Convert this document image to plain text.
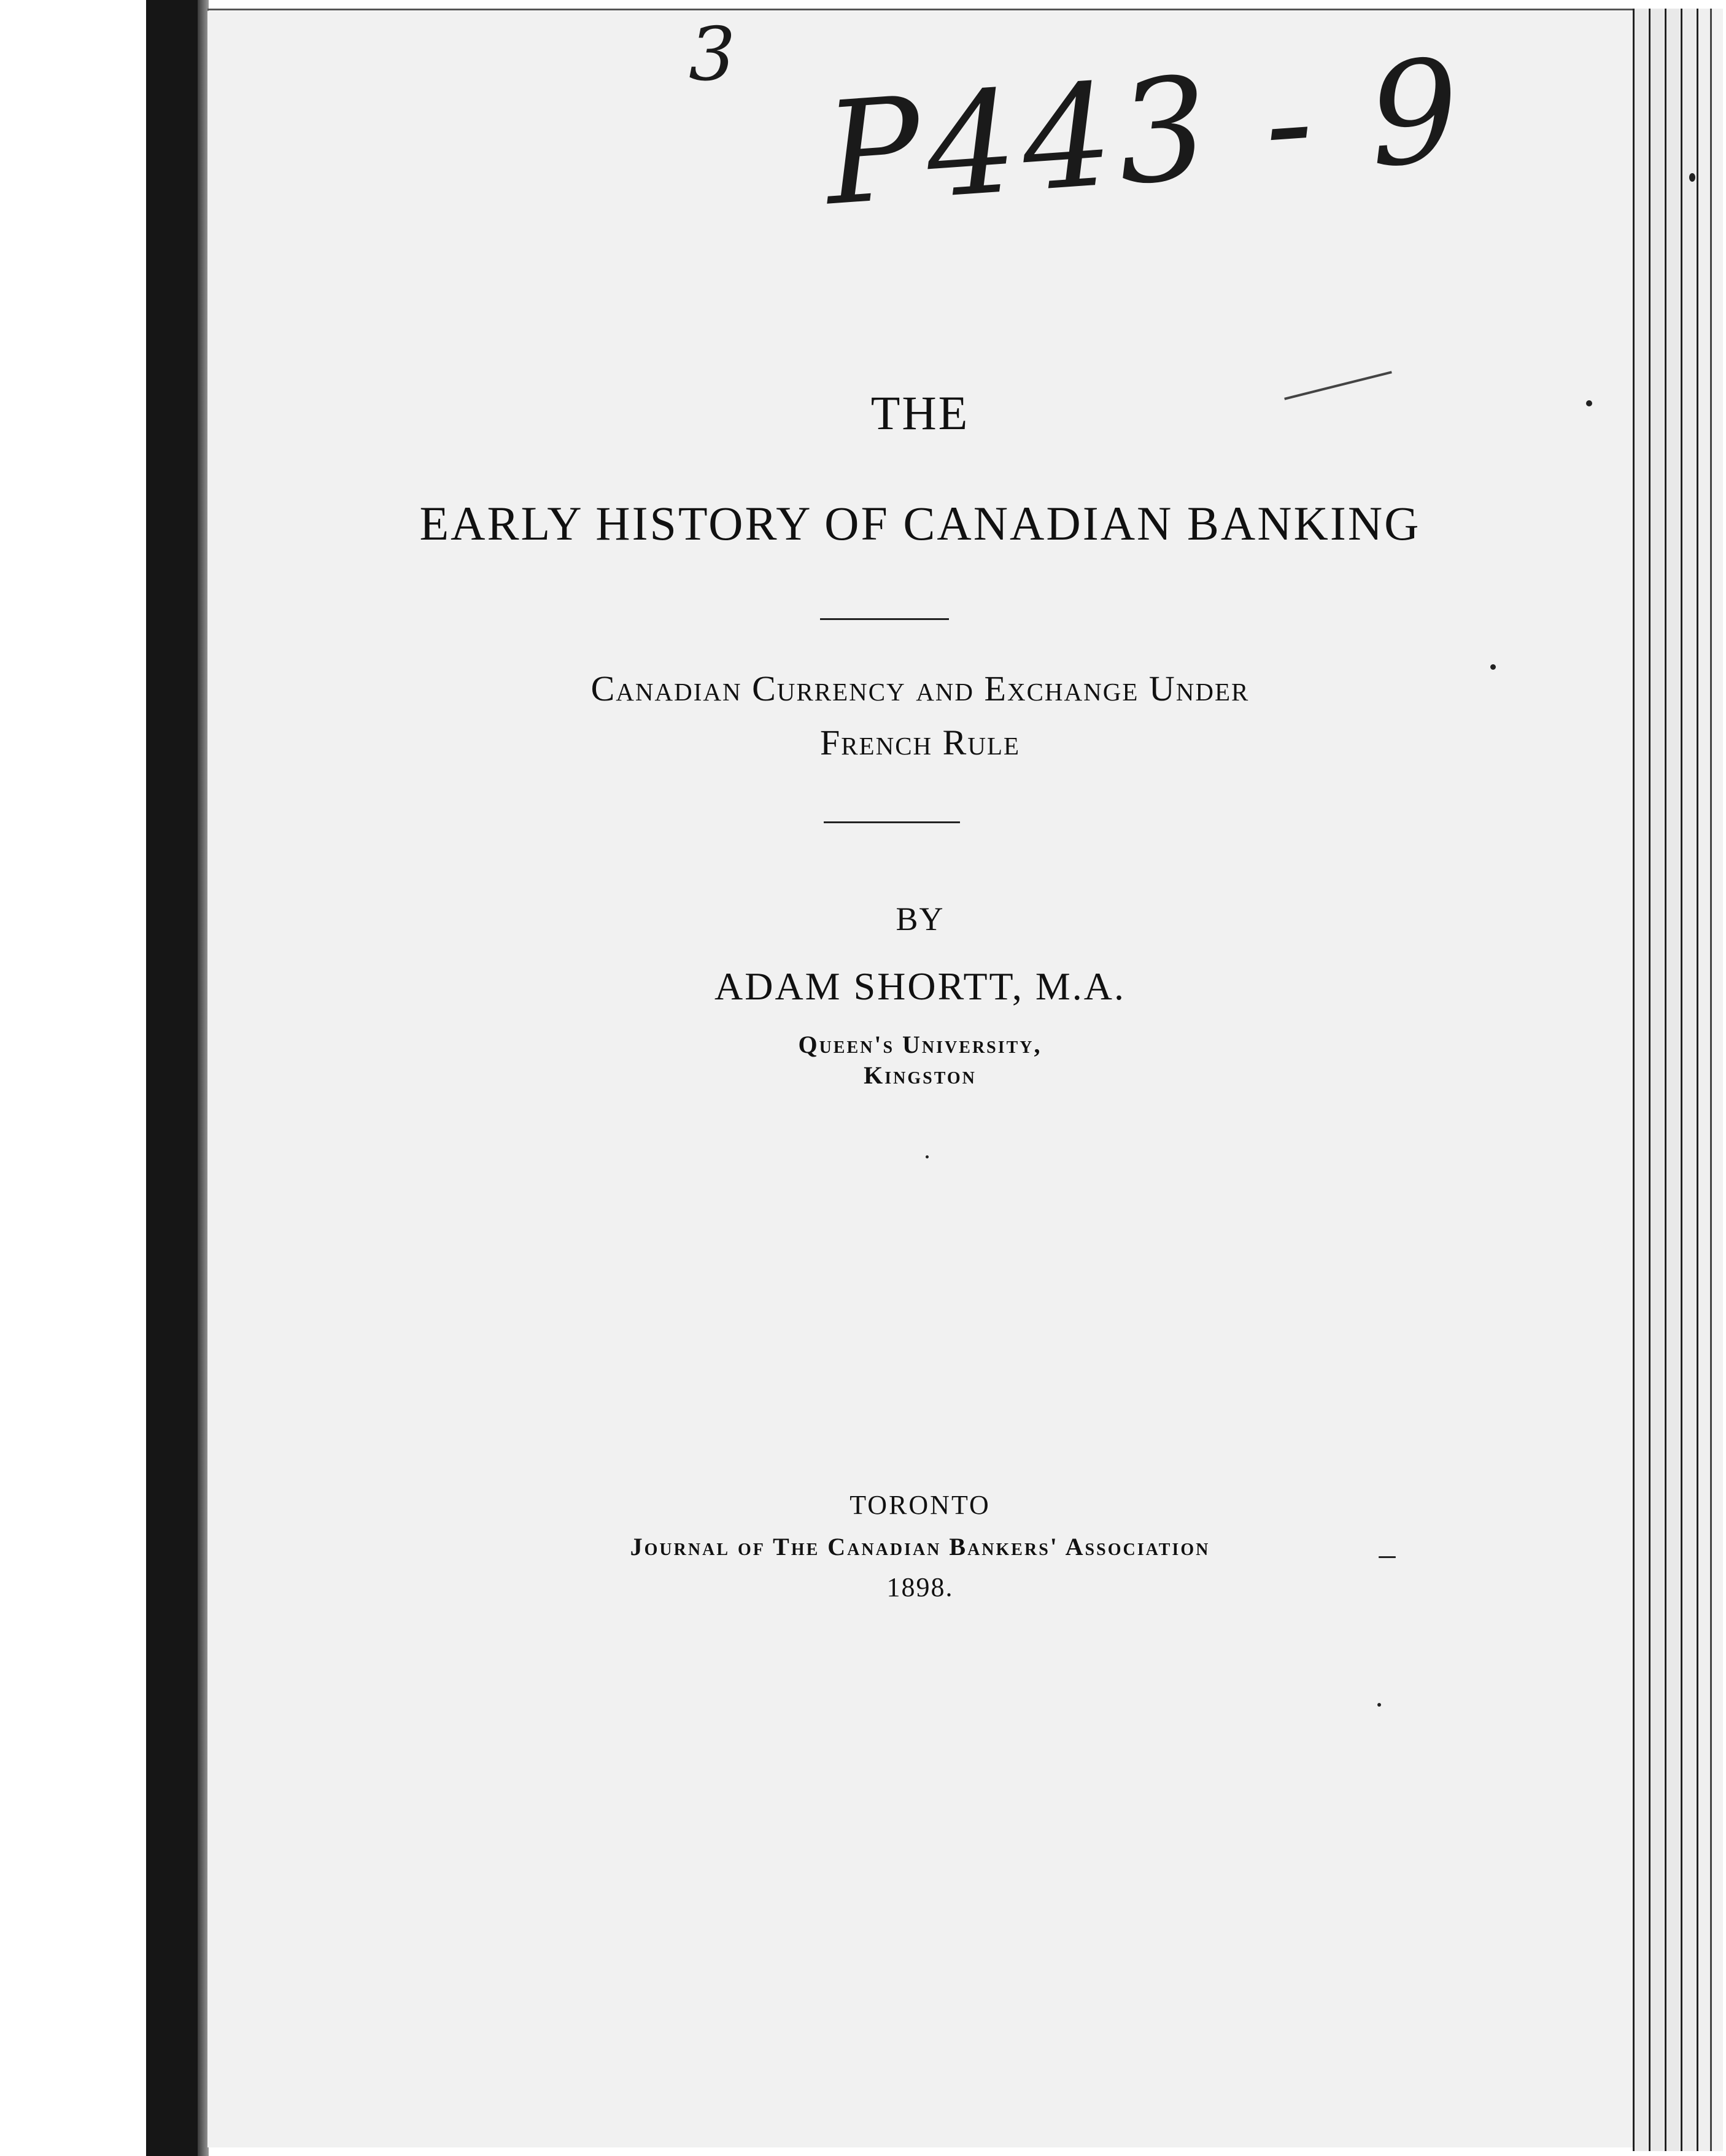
3 P443 - 9
THE
EARLY HISTORY OF CANADIAN BANKING
Canadian Currency and Exchange Under
French Rule
BY
ADAM SHORTT, M.A.
Queen's University,
Kingston
TORONTO
Journal of The Canadian Bankers' Association
1898.
